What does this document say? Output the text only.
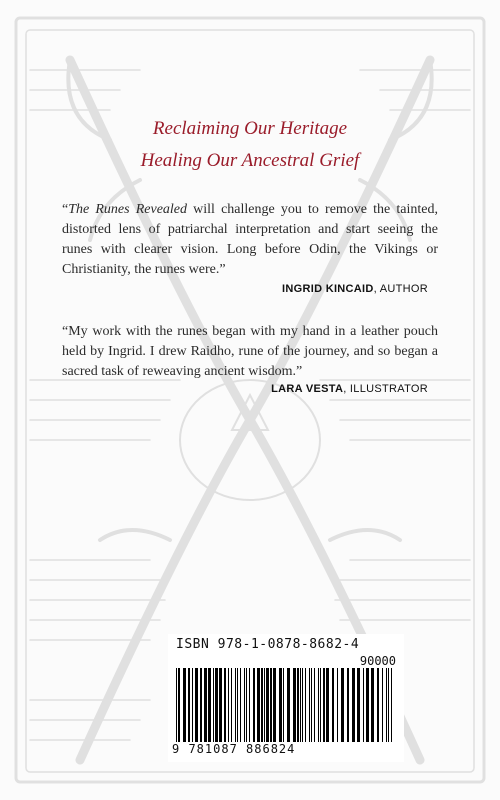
Reclaiming Our Heritage
Healing Our Ancestral Grief
“The Runes Revealed will challenge you to remove the tainted, distorted lens of patriarchal interpretation and start seeing the runes with clearer vision. Long before Odin, the Vikings or Christianity, the runes were.”
INGRID KINCAID, AUTHOR
“My work with the runes began with my hand in a leather pouch held by Ingrid. I drew Raidho, rune of the journey, and so began a sacred task of reweaving ancient wisdom.”
LARA VESTA, ILLUSTRATOR
ISBN 978-1-0878-8682-4
90000
9 781087 886824
